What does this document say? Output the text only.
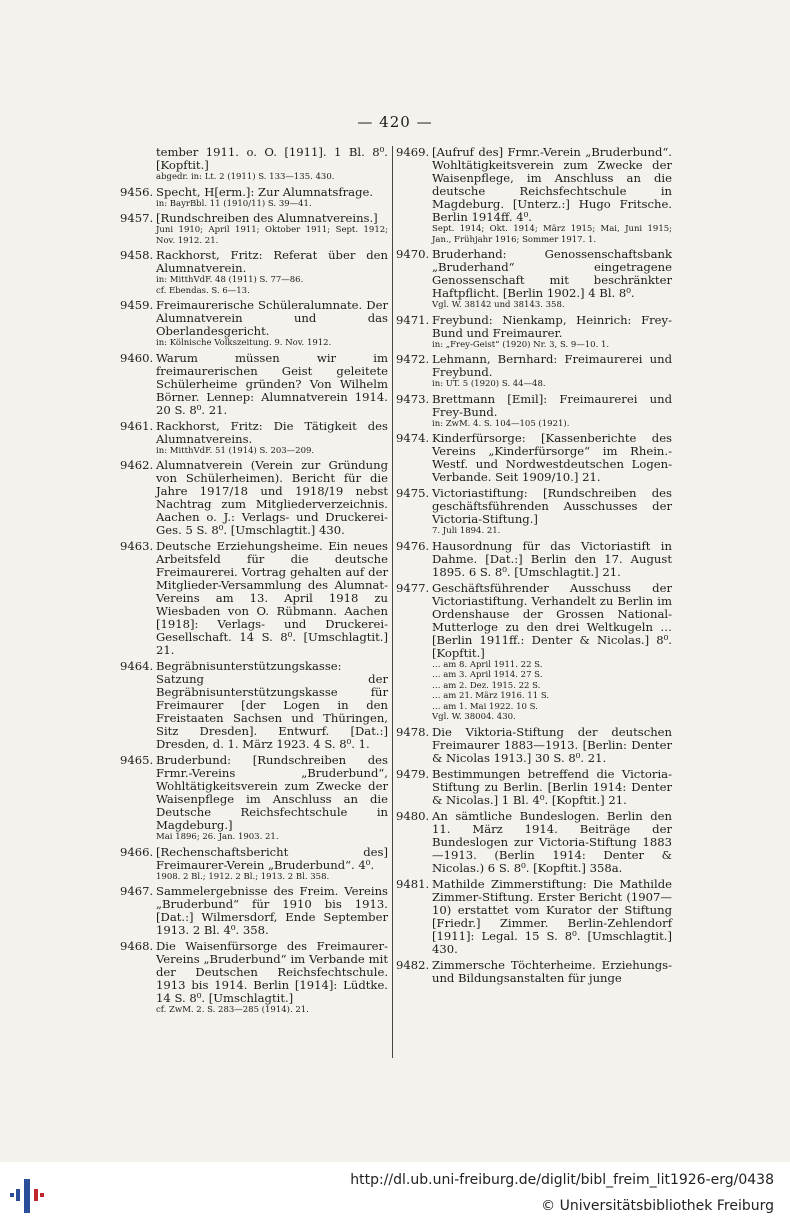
— 420 —
tember 1911. o. O. [1911]. 1 Bl. 8⁰. [Kopftit.]
abgedr. in: Lt. 2 (1911) S. 133—135. 430.
9456. Specht, H[erm.]: Zur Alumnatsfrage.
in: BayrBbl. 11 (1910/11) S. 39—41.
9457. [Rundschreiben des Alumnatvereins.]
Juni 1910; April 1911; Oktober 1911; Sept. 1912; Nov. 1912. 21.
9458. Rackhorst, Fritz: Referat über den Alumnatverein.
in: MitthVdF. 48 (1911) S. 77—86.
cf. Ebendas. S. 6—13.
9459. Freimaurerische Schüleralumnate. Der Alumnatverein und das Oberlandesgericht.
in: Kölnische Volkszeitung. 9. Nov. 1912.
9460. Warum müssen wir im freimaurerischen Geist geleitete Schülerheime gründen? Von Wilhelm Börner. Lennep: Alumnatverein 1914. 20 S. 8⁰. 21.
9461. Rackhorst, Fritz: Die Tätigkeit des Alumnatvereins.
in: MitthVdF. 51 (1914) S. 203—209.
9462. Alumnatverein (Verein zur Gründung von Schülerheimen). Bericht für die Jahre 1917/18 und 1918/19 nebst Nachtrag zum Mitgliederverzeichnis. Aachen o. J.: Verlags- und Druckerei-Ges. 5 S. 8⁰. [Umschlagtit.] 430.
9463. Deutsche Erziehungsheime. Ein neues Arbeitsfeld für die deutsche Freimaurerei. Vortrag gehalten auf der Mitglieder-Versammlung des Alumnat-Vereins am 13. April 1918 zu Wiesbaden von O. Rübmann. Aachen [1918]: Verlags- und Druckerei-Gesellschaft. 14 S. 8⁰. [Umschlagtit.] 21.
9464. Begräbnisunterstützungskasse: Satzung der Begräbnisunterstützungskasse für Freimaurer [der Logen in den Freistaaten Sachsen und Thüringen, Sitz Dresden]. Entwurf. [Dat.:] Dresden, d. 1. März 1923. 4 S. 8⁰. 1.
9465. Bruderbund: [Rundschreiben des Frmr.-Vereins „Bruderbund“, Wohltätigkeitsverein zum Zwecke der Waisenpflege im Anschluss an die Deutsche Reichsfechtschule in Magdeburg.]
Mai 1896; 26. Jan. 1903. 21.
9466. [Rechenschaftsbericht des] Freimaurer-Verein „Bruderbund“. 4⁰.
1908. 2 Bl.; 1912. 2 Bl.; 1913. 2 Bl. 358.
9467. Sammelergebnisse des Freim. Vereins „Bruderbund“ für 1910 bis 1913. [Dat.:] Wilmersdorf, Ende September 1913. 2 Bl. 4⁰. 358.
9468. Die Waisenfürsorge des Freimaurer-Vereins „Bruderbund“ im Verbande mit der Deutschen Reichsfechtschule. 1913 bis 1914. Berlin [1914]: Lüdtke. 14 S. 8⁰. [Umschlagtit.]
cf. ZwM. 2. S. 283—285 (1914). 21.
9469. [Aufruf des] Frmr.-Verein „Bruderbund“. Wohltätigkeitsverein zum Zwecke der Waisenpflege, im Anschluss an die deutsche Reichsfechtschule in Magdeburg. [Unterz.:] Hugo Fritsche. Berlin 1914ff. 4⁰.
Sept. 1914; Okt. 1914; März 1915; Mai, Juni 1915; Jan., Frühjahr 1916; Sommer 1917. 1.
9470. Bruderhand: Genossenschaftsbank „Bruderhand“ eingetragene Genossenschaft mit beschränkter Haftpflicht. [Berlin 1902.] 4 Bl. 8⁰.
Vgl. W. 38142 und 38143. 358.
9471. Freybund: Nienkamp, Heinrich: Frey-Bund und Freimaurer.
in: „Frey-Geist“ (1920) Nr. 3, S. 9—10. 1.
9472. Lehmann, Bernhard: Freimaurerei und Freybund.
in: UT. 5 (1920) S. 44—48.
9473. Brettmann [Emil]: Freimaurerei und Frey-Bund.
in: ZwM. 4. S. 104—105 (1921).
9474. Kinderfürsorge: [Kassenberichte des Vereins „Kinderfürsorge“ im Rhein.-Westf. und Nordwestdeutschen Logen-Verbande. Seit 1909/10.] 21.
9475. Victoriastiftung: [Rundschreiben des geschäftsführenden Ausschusses der Victoria-Stiftung.]
7. Juli 1894. 21.
9476. Hausordnung für das Victoriastift in Dahme. [Dat.:] Berlin den 17. August 1895. 6 S. 8⁰. [Umschlagtit.] 21.
9477. Geschäftsführender Ausschuss der Victoriastiftung. Verhandelt zu Berlin im Ordenshause der Grossen National-Mutterloge zu den drei Weltkugeln … [Berlin 1911ff.: Denter & Nicolas.] 8⁰. [Kopftit.]
… am 8. April 1911. 22 S.
… am 3. April 1914. 27 S.
… am 2. Dez. 1915. 22 S.
… am 21. März 1916. 11 S.
… am 1. Mai 1922. 10 S.
Vgl. W. 38004. 430.
9478. Die Viktoria-Stiftung der deutschen Freimaurer 1883—1913. [Berlin: Denter & Nicolas 1913.] 30 S. 8⁰. 21.
9479. Bestimmungen betreffend die Victoria-Stiftung zu Berlin. [Berlin 1914: Denter & Nicolas.] 1 Bl. 4⁰. [Kopftit.] 21.
9480. An sämtliche Bundeslogen. Berlin den 11. März 1914. Beiträge der Bundeslogen zur Victoria-Stiftung 1883—1913. (Berlin 1914: Denter & Nicolas.) 6 S. 8⁰. [Kopftit.] 358a.
9481. Mathilde Zimmerstiftung: Die Mathilde Zimmer-Stiftung. Erster Bericht (1907—10) erstattet vom Kurator der Stiftung [Friedr.] Zimmer. Berlin-Zehlendorf [1911]: Legal. 15 S. 8⁰. [Umschlagtit.] 430.
9482. Zimmersche Töchterheime. Erziehungs- und Bildungsanstalten für junge
http://dl.ub.uni-freiburg.de/diglit/bibl_freim_lit1926-erg/0438
© Universitätsbibliothek Freiburg
